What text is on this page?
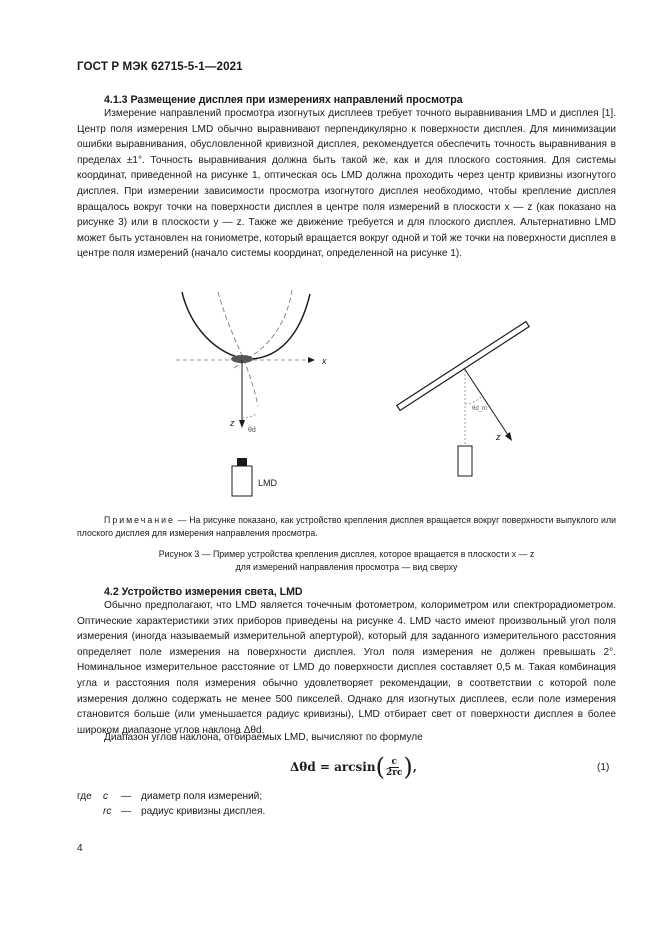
ГОСТ Р МЭК 62715-5-1—2021
4.1.3 Размещение дисплея при измерениях направлений просмотра

Измерение направлений просмотра изогнутых дисплеев требует точного выравнивания LMD и дисплея [1]. Центр поля измерения LMD обычно выравнивают перпендикулярно к поверхности дисплея. Для минимизации ошибки выравнивания, обусловленной кривизной дисплея, рекомендуется обеспечить точность выравнивания в пределах ±1°. Точность выравнивания должна быть такой же, как и для плоского состояния. Для системы координат, приведенной на рисунке 1, оптическая ось LMD должна проходить через центр кривизны изогнутого дисплея. При измерении зависимости просмотра изогнутого дисплея необходимо, чтобы крепление дисплея вращалось вокруг точки на поверхности дисплея в центре поля измерений в плоскости x — z (как показано на рисунке 3) или в плоскости y — z. Также же движение требуется и для плоского дисплея. Альтернативно LMD может быть установлен на гониометре, который вращается вокруг одной и той же точки на поверхности дисплея в центре поля измерений (начало системы координат, определенной на рисунке 1).

x
z
θd
LMD
z
θd_m

Примечание — На рисунке показано, как устройство крепления дисплея вращается вокруг поверхности выпуклого или плоского дисплея для измерения направления просмотра.

Рисунок 3 — Пример устройства крепления дисплея, которое вращается в плоскости x — z

для измерений направления просмотра — вид сверху

4.2 Устройство измерения света, LMD

Обычно предполагают, что LMD является точечным фотометром, колориметром или спектрорадиометром. Оптические характеристики этих приборов приведены на рисунке 4. LMD часто имеют произвольный угол поля измерения (иногда называемый измерительной апертурой), который для заданного измерительного расстояния определяет поле измерения на поверхности дисплея. Угол поля измерения не должен превышать 2°. Номинальное измерительное расстояние от LMD до поверхности дисплея составляет 0,5 м. Такая комбинация угла и расстояния поля измерения обычно удовлетворяет рекомендации, в соответствии с которой поле измерения должно содержать не менее 500 пикселей. Однако для изогнутых дисплеев, если поле измерения становится больше (или уменьшается радиус кривизны), LMD отбирает свет от поверхности дисплея в более широком диапазоне углов наклона Δθd.

Диапазон углов наклона, отбираемых LMD, вычисляют по формуле

Δθd = arcsin ( $\frac{c}{2rc}$ ) ,	(1)
где c — диаметр поля измерений;
rc — радиус кривизны дисплея.
4
